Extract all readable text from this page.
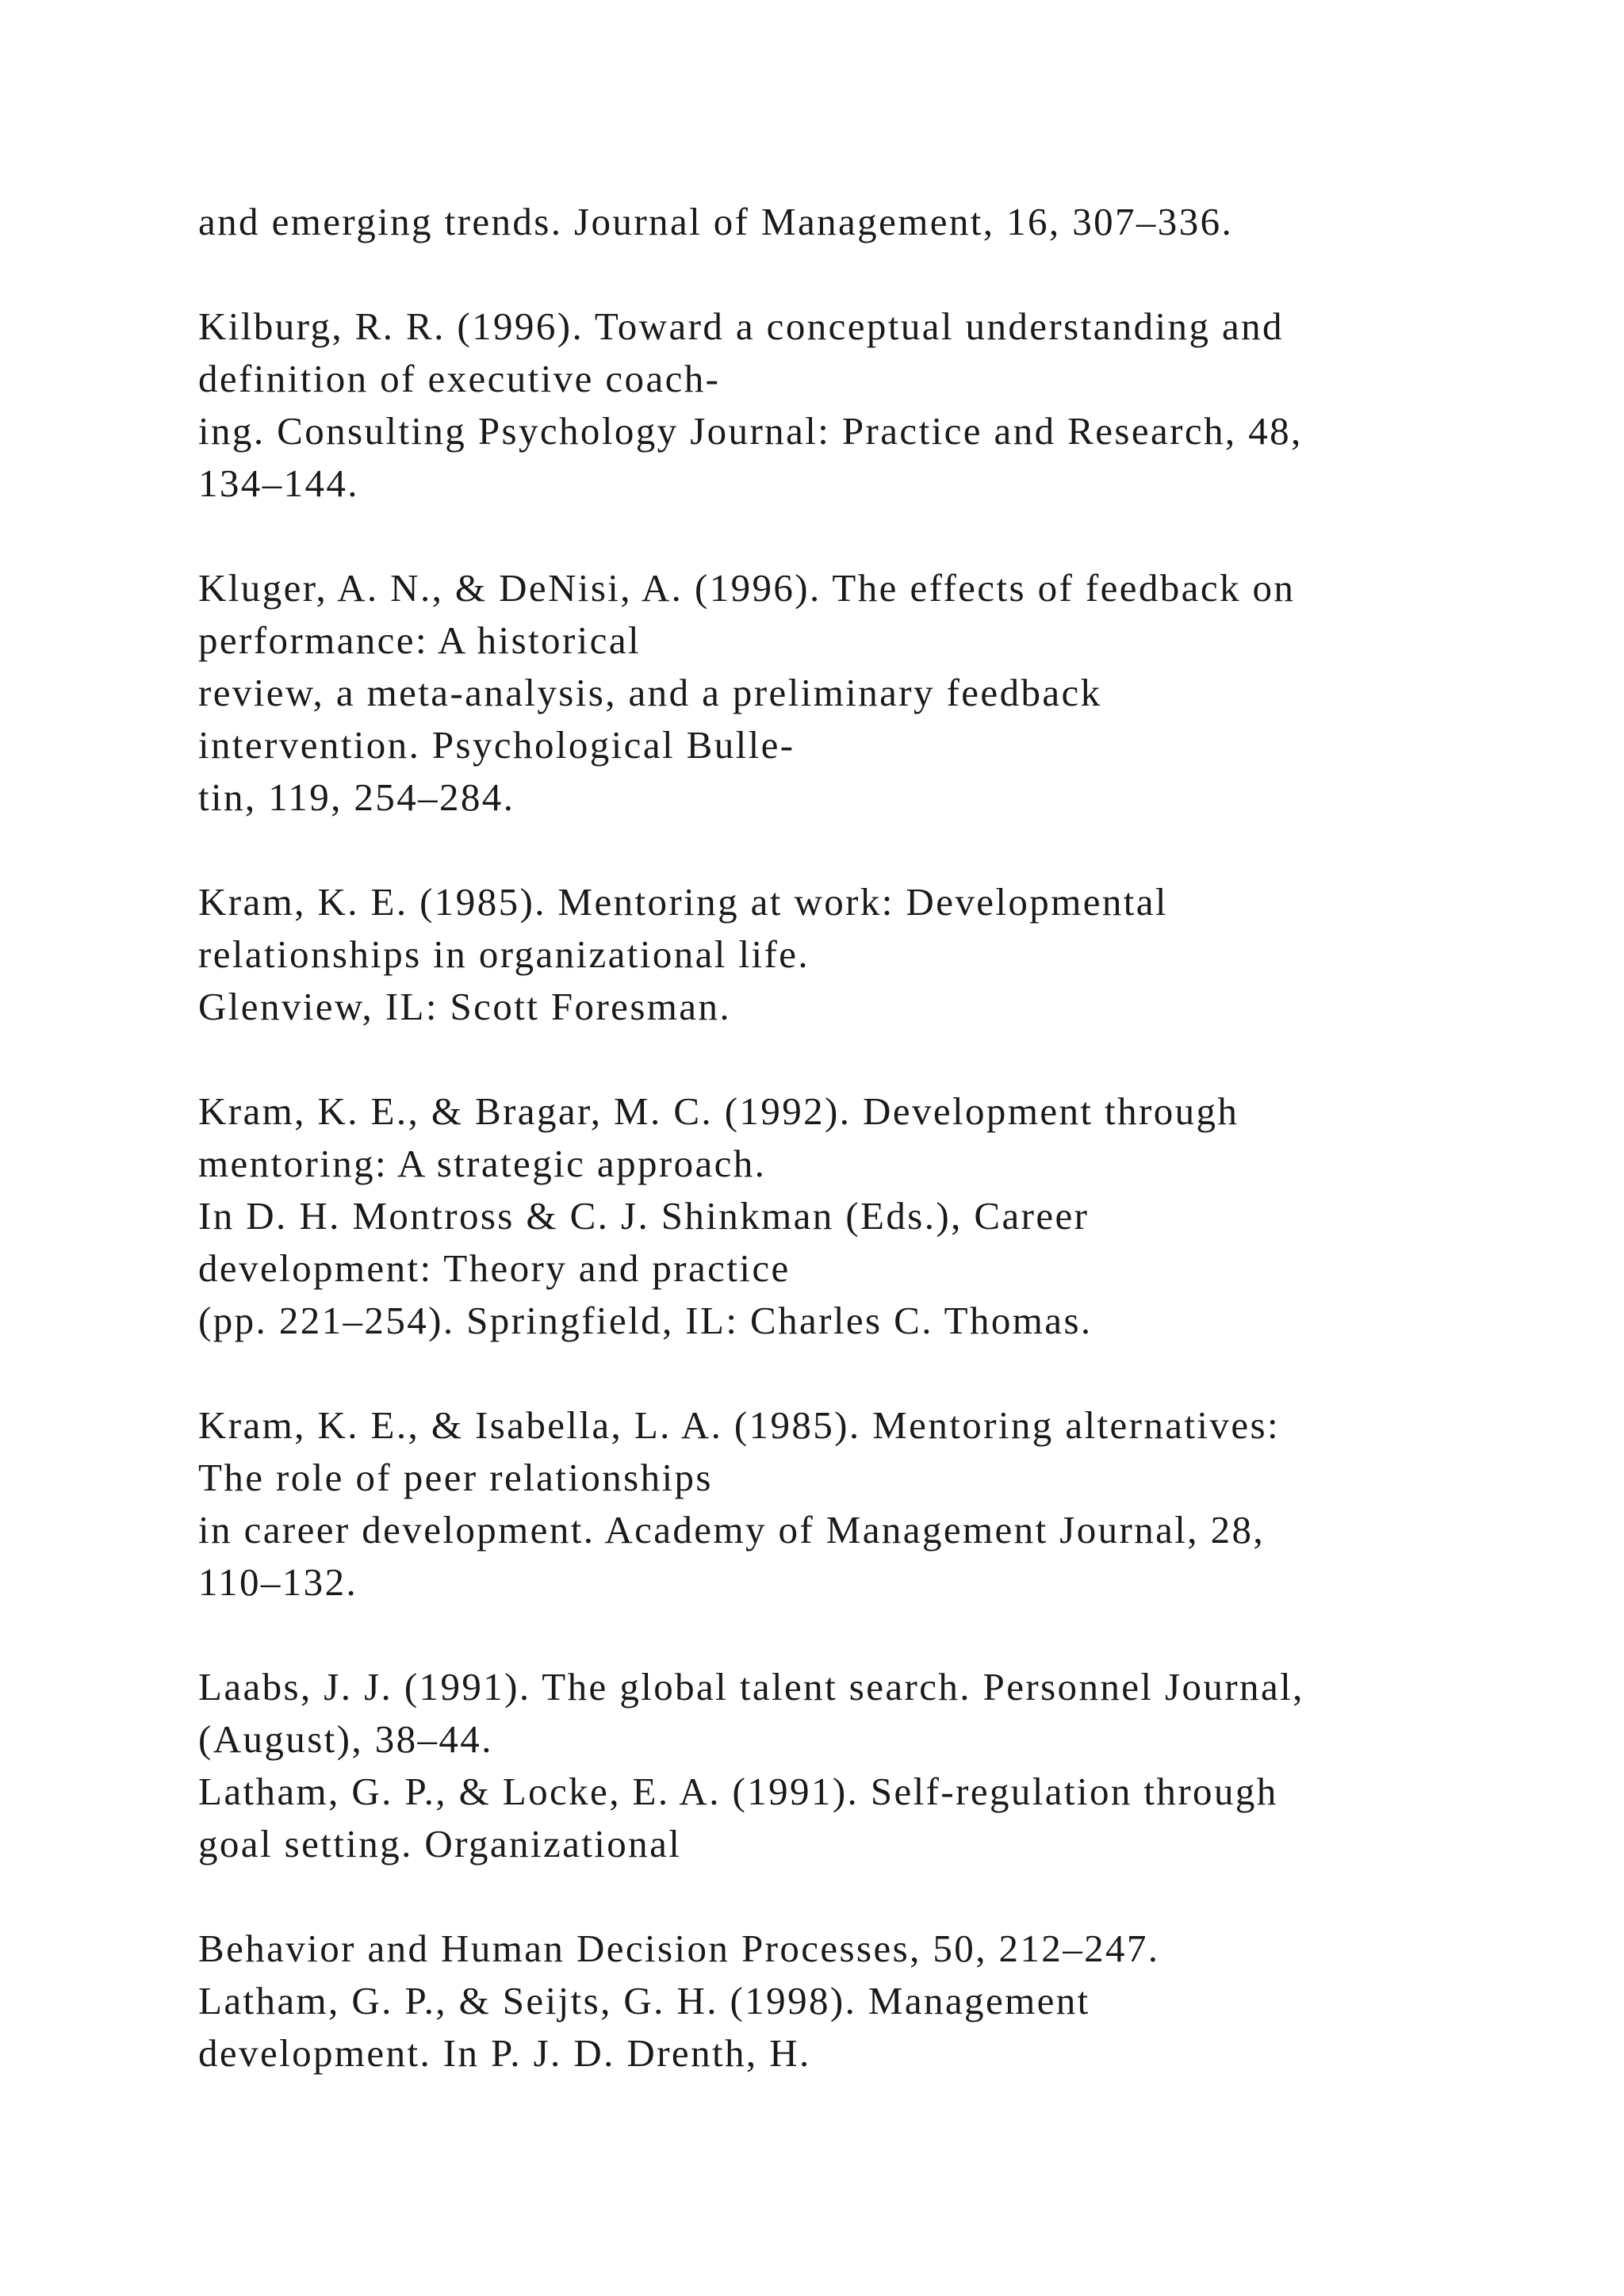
and emerging trends. Journal of Management, 16, 307–336.
Kilburg, R. R. (1996). Toward a conceptual understanding and
definition of executive coach-
ing. Consulting Psychology Journal: Practice and Research, 48,
134–144.
Kluger, A. N., & DeNisi, A. (1996). The effects of feedback on
performance: A historical
review, a meta-analysis, and a preliminary feedback
intervention. Psychological Bulle-
tin, 119, 254–284.
Kram, K. E. (1985). Mentoring at work: Developmental
relationships in organizational life.
Glenview, IL: Scott Foresman.
Kram, K. E., & Bragar, M. C. (1992). Development through
mentoring: A strategic approach.
In D. H. Montross & C. J. Shinkman (Eds.), Career
development: Theory and practice
(pp. 221–254). Springfield, IL: Charles C. Thomas.
Kram, K. E., & Isabella, L. A. (1985). Mentoring alternatives:
The role of peer relationships
in career development. Academy of Management Journal, 28,
110–132.
Laabs, J. J. (1991). The global talent search. Personnel Journal,
(August), 38–44.
Latham, G. P., & Locke, E. A. (1991). Self-regulation through
goal setting. Organizational
Behavior and Human Decision Processes, 50, 212–247.
Latham, G. P., & Seijts, G. H. (1998). Management
development. In P. J. D. Drenth, H.
